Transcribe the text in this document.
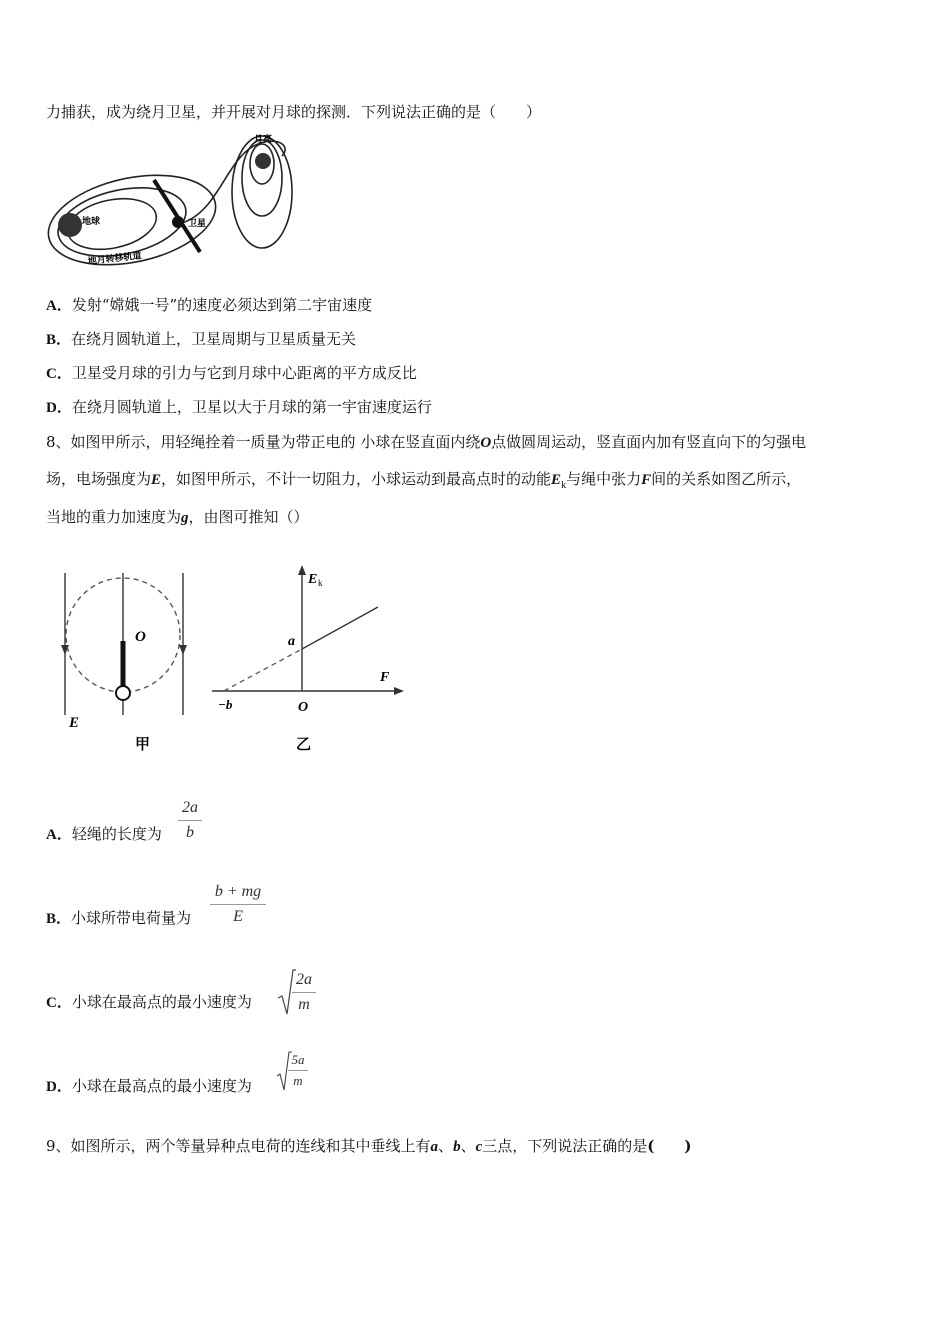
力捕获，成为绕月卫星，并开展对月球的探测．下列说法正确的是（　　）
月亮
地球	卫星
地月转移轨道
A．发射“嫦娥一号”的速度必须达到第二宇宙速度
B．在绕月圆轨道上，卫星周期与卫星质量无关
C．卫星受月球的引力与它到月球中心距离的平方成反比
D．在绕月圆轨道上，卫星以大于月球的第一宇宙速度运行
8、如图甲所示，用轻绳拴着一质量为带正电的 小球在竖直面内绕O点做圆周运动，竖直面内加有竖直向下的匀强电
场，电场强度为E，如图甲所示，不计一切阻力，小球运动到最高点时的动能$E_k$与绳中张力F间的关系如图乙所示，
当地的重力加速度为g，由图可推知（）
O
E
甲
E k
a
F
−b	O
乙
A．轻绳的长度为
2a
b
B．小球所带电荷量为
b + mg
E
C．小球在最高点的最小速度为
2a
m
D．小球在最高点的最小速度为
5a
m
9、如图所示，两个等量异种点电荷的连线和其中垂线上有a、b、c三点，下列说法正确的是(　　)
